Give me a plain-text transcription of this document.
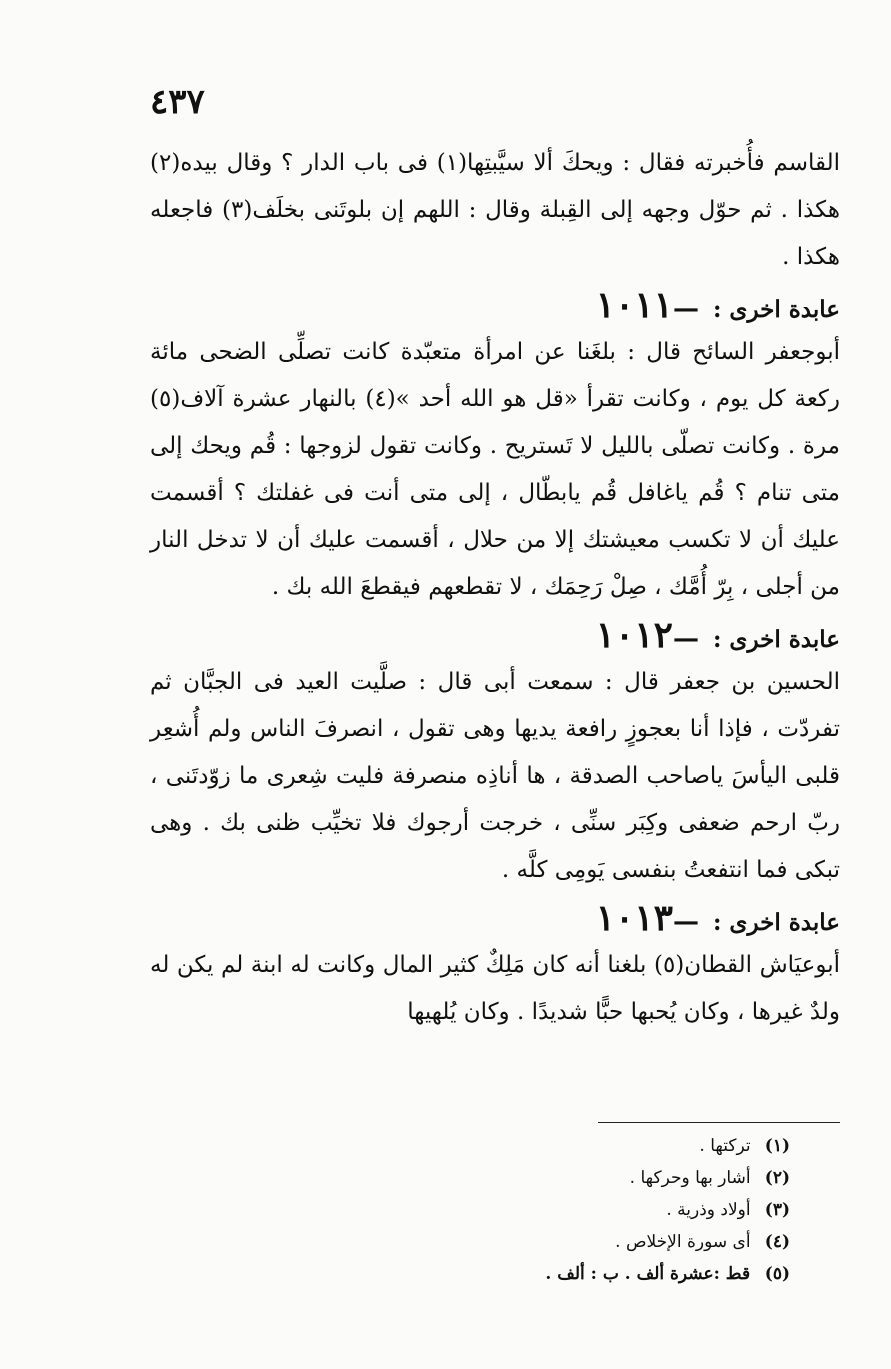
٤٣٧

القاسم فأُخبرته فقال : ويحكَ ألا سيَّبتِها(١) فى باب الدار ؟ وقال بيده(٢) هكذا . ثم حوّل وجهه إلى القِبلة وقال : اللهم إن بلوتَنى بخلَف(٣) فاجعله هكذا .

عابدة اخرى :
—
١٠١١

أبوجعفر السائح قال : بلغَنا عن امرأة متعبّدة كانت تصلِّى الضحى مائة ركعة كل يوم ، وكانت تقرأ «قل هو الله أحد »(٤) بالنهار عشرة آلاف(٥) مرة . وكانت تصلّى بالليل لا تَستريح . وكانت تقول لزوجها : قُم ويحك إلى متى تنام ؟ قُم ياغافل قُم يابطّال ، إلى متى أنت فى غفلتك ؟ أقسمت عليك أن لا تكسب معيشتك إلا من حلال ، أقسمت عليك أن لا تدخل النار من أجلى ، بِرّ أُمَّك ، صِلْ رَحِمَك ، لا تقطعهم فيقطعَ الله بك .

عابدة اخرى :
—
١٠١٢

الحسين بن جعفر قال : سمعت أبى قال : صلَّيت العيد فى الجبَّان ثم تفردّت ، فإذا أنا بعجوزٍ رافعة يديها وهى تقول ، انصرفَ الناس ولم أُشعِر قلبى اليأسَ ياصاحب الصدقة ، ها أناذِه منصرفة فليت شِعرى ما زوّدتَنى ، ربّ ارحم ضعفى وكِبَر سنِّى ، خرجت أرجوك فلا تخيِّب ظنى بك . وهى تبكى فما انتفعتُ بنفسى يَومِى كلَّه .

عابدة اخرى :
—
١٠١٣

أبوعيَاش القطان(٥) بلغنا أنه كان مَلِكٌ كثير المال وكانت له ابنة لم يكن له ولدٌ غيرها ، وكان يُحبها حبًّا شديدًا . وكان يُلهيها

(١) تركتها .
(٢) أشار بها وحركها .
(٣) أولاد وذرية .
(٤) أى سورة الإخلاص .
(٥) قط :عشرة ألف . ب : ألف .
